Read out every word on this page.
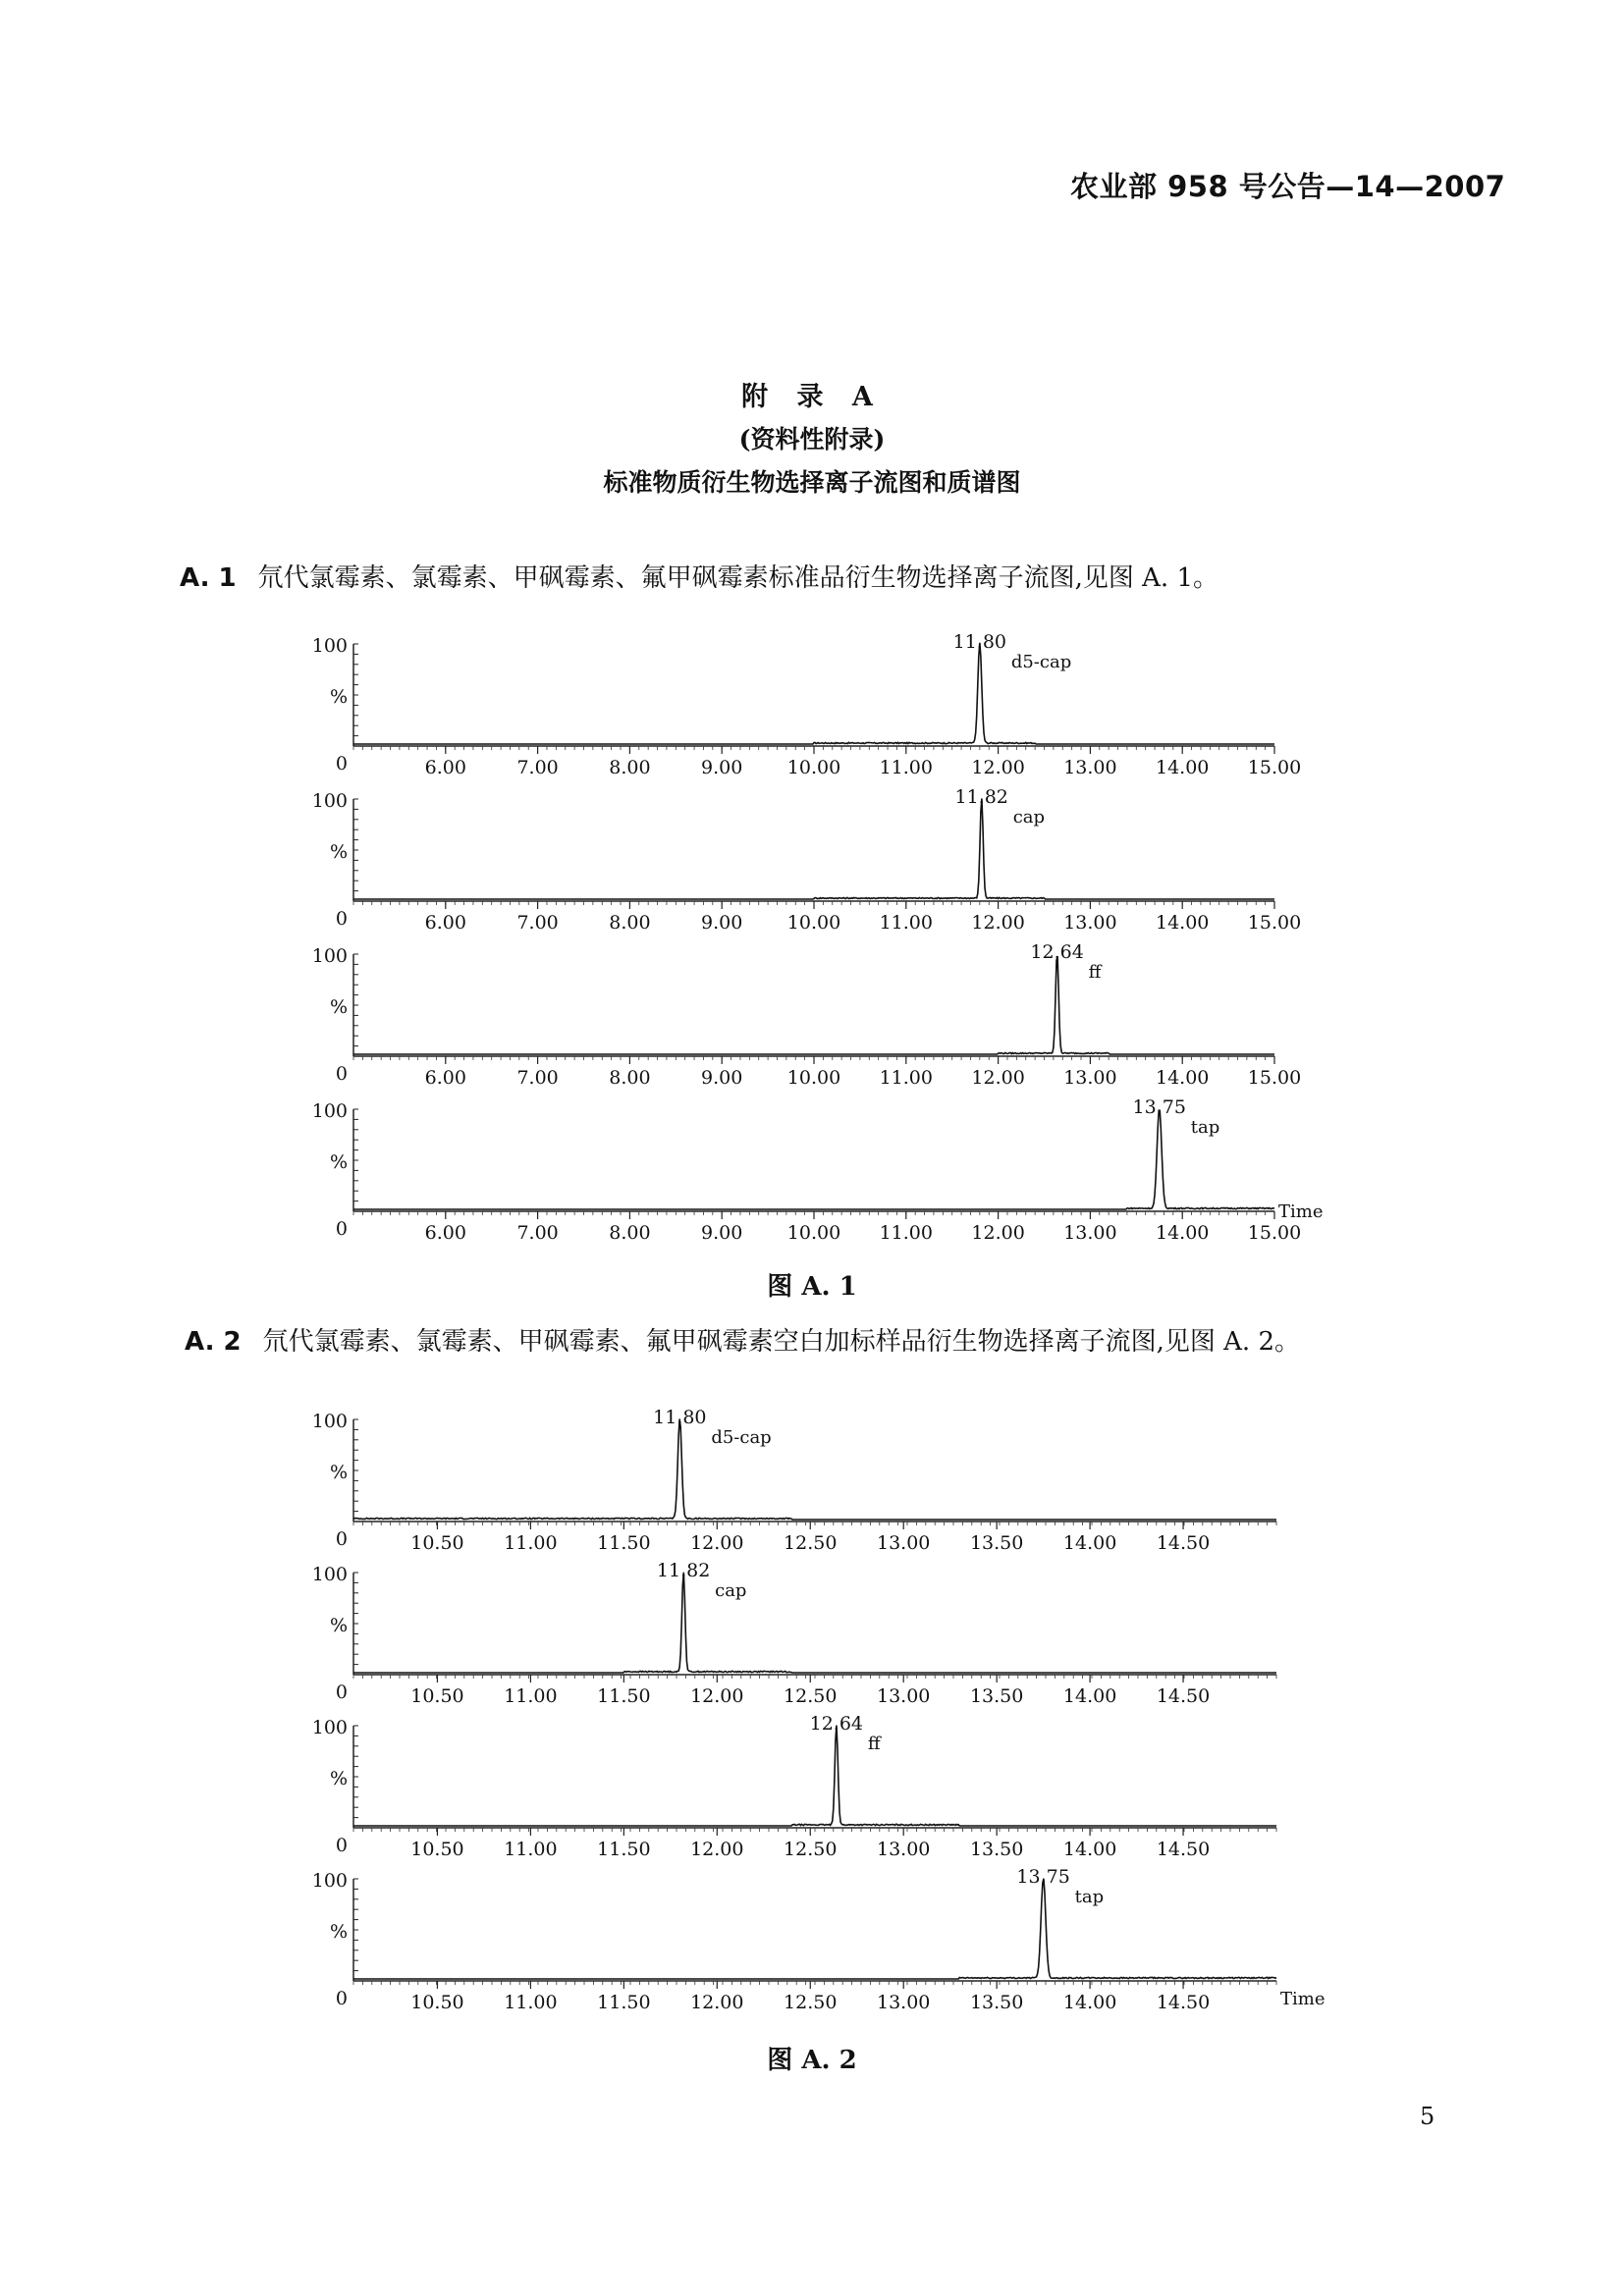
农业部 958 号公告—14—2007
附 录 A
(资料性附录)
标准物质衍生物选择离子流图和质谱图
A. 1 氘代氯霉素、氯霉素、甲砜霉素、氟甲砜霉素标准品衍生物选择离子流图,见图 A. 1。
100
%
0	6.00	7.00	8.00	9.00 10.00 11.00 12.00 13.00 14.00 15.00
11.80
d5-cap
100
%
0	6.00	7.00	8.00	9.00 10.00 11.00 12.00 13.00 14.00 15.00
11.82
cap
100
%
0	6.00	7.00	8.00	9.00 10.00 11.00 12.00 13.00 14.00 15.00
12.64
ff
100
%
0	6.00	7.00	8.00	9.00 10.00 11.00 12.00 13.00 14.00 15.00
13.75
tap
Time
图 A. 1
A. 2 氘代氯霉素、氯霉素、甲砜霉素、氟甲砜霉素空白加标样品衍生物选择离子流图,见图 A. 2。
100
%
0	10.50 11.00 11.50 12.00 12.50 13.00 13.50 14.00 14.50
11.80
d5-cap
100
%
0	10.50 11.00 11.50 12.00 12.50 13.00 13.50 14.00 14.50
11.82
cap
100
%
0	10.50 11.00 11.50 12.00 12.50 13.00 13.50 14.00 14.50
12.64
ff
100
%
0	10.50 11.00 11.50 12.00 12.50 13.00 13.50 14.00 14.50
13.75
tap
Time
图 A. 2
5
